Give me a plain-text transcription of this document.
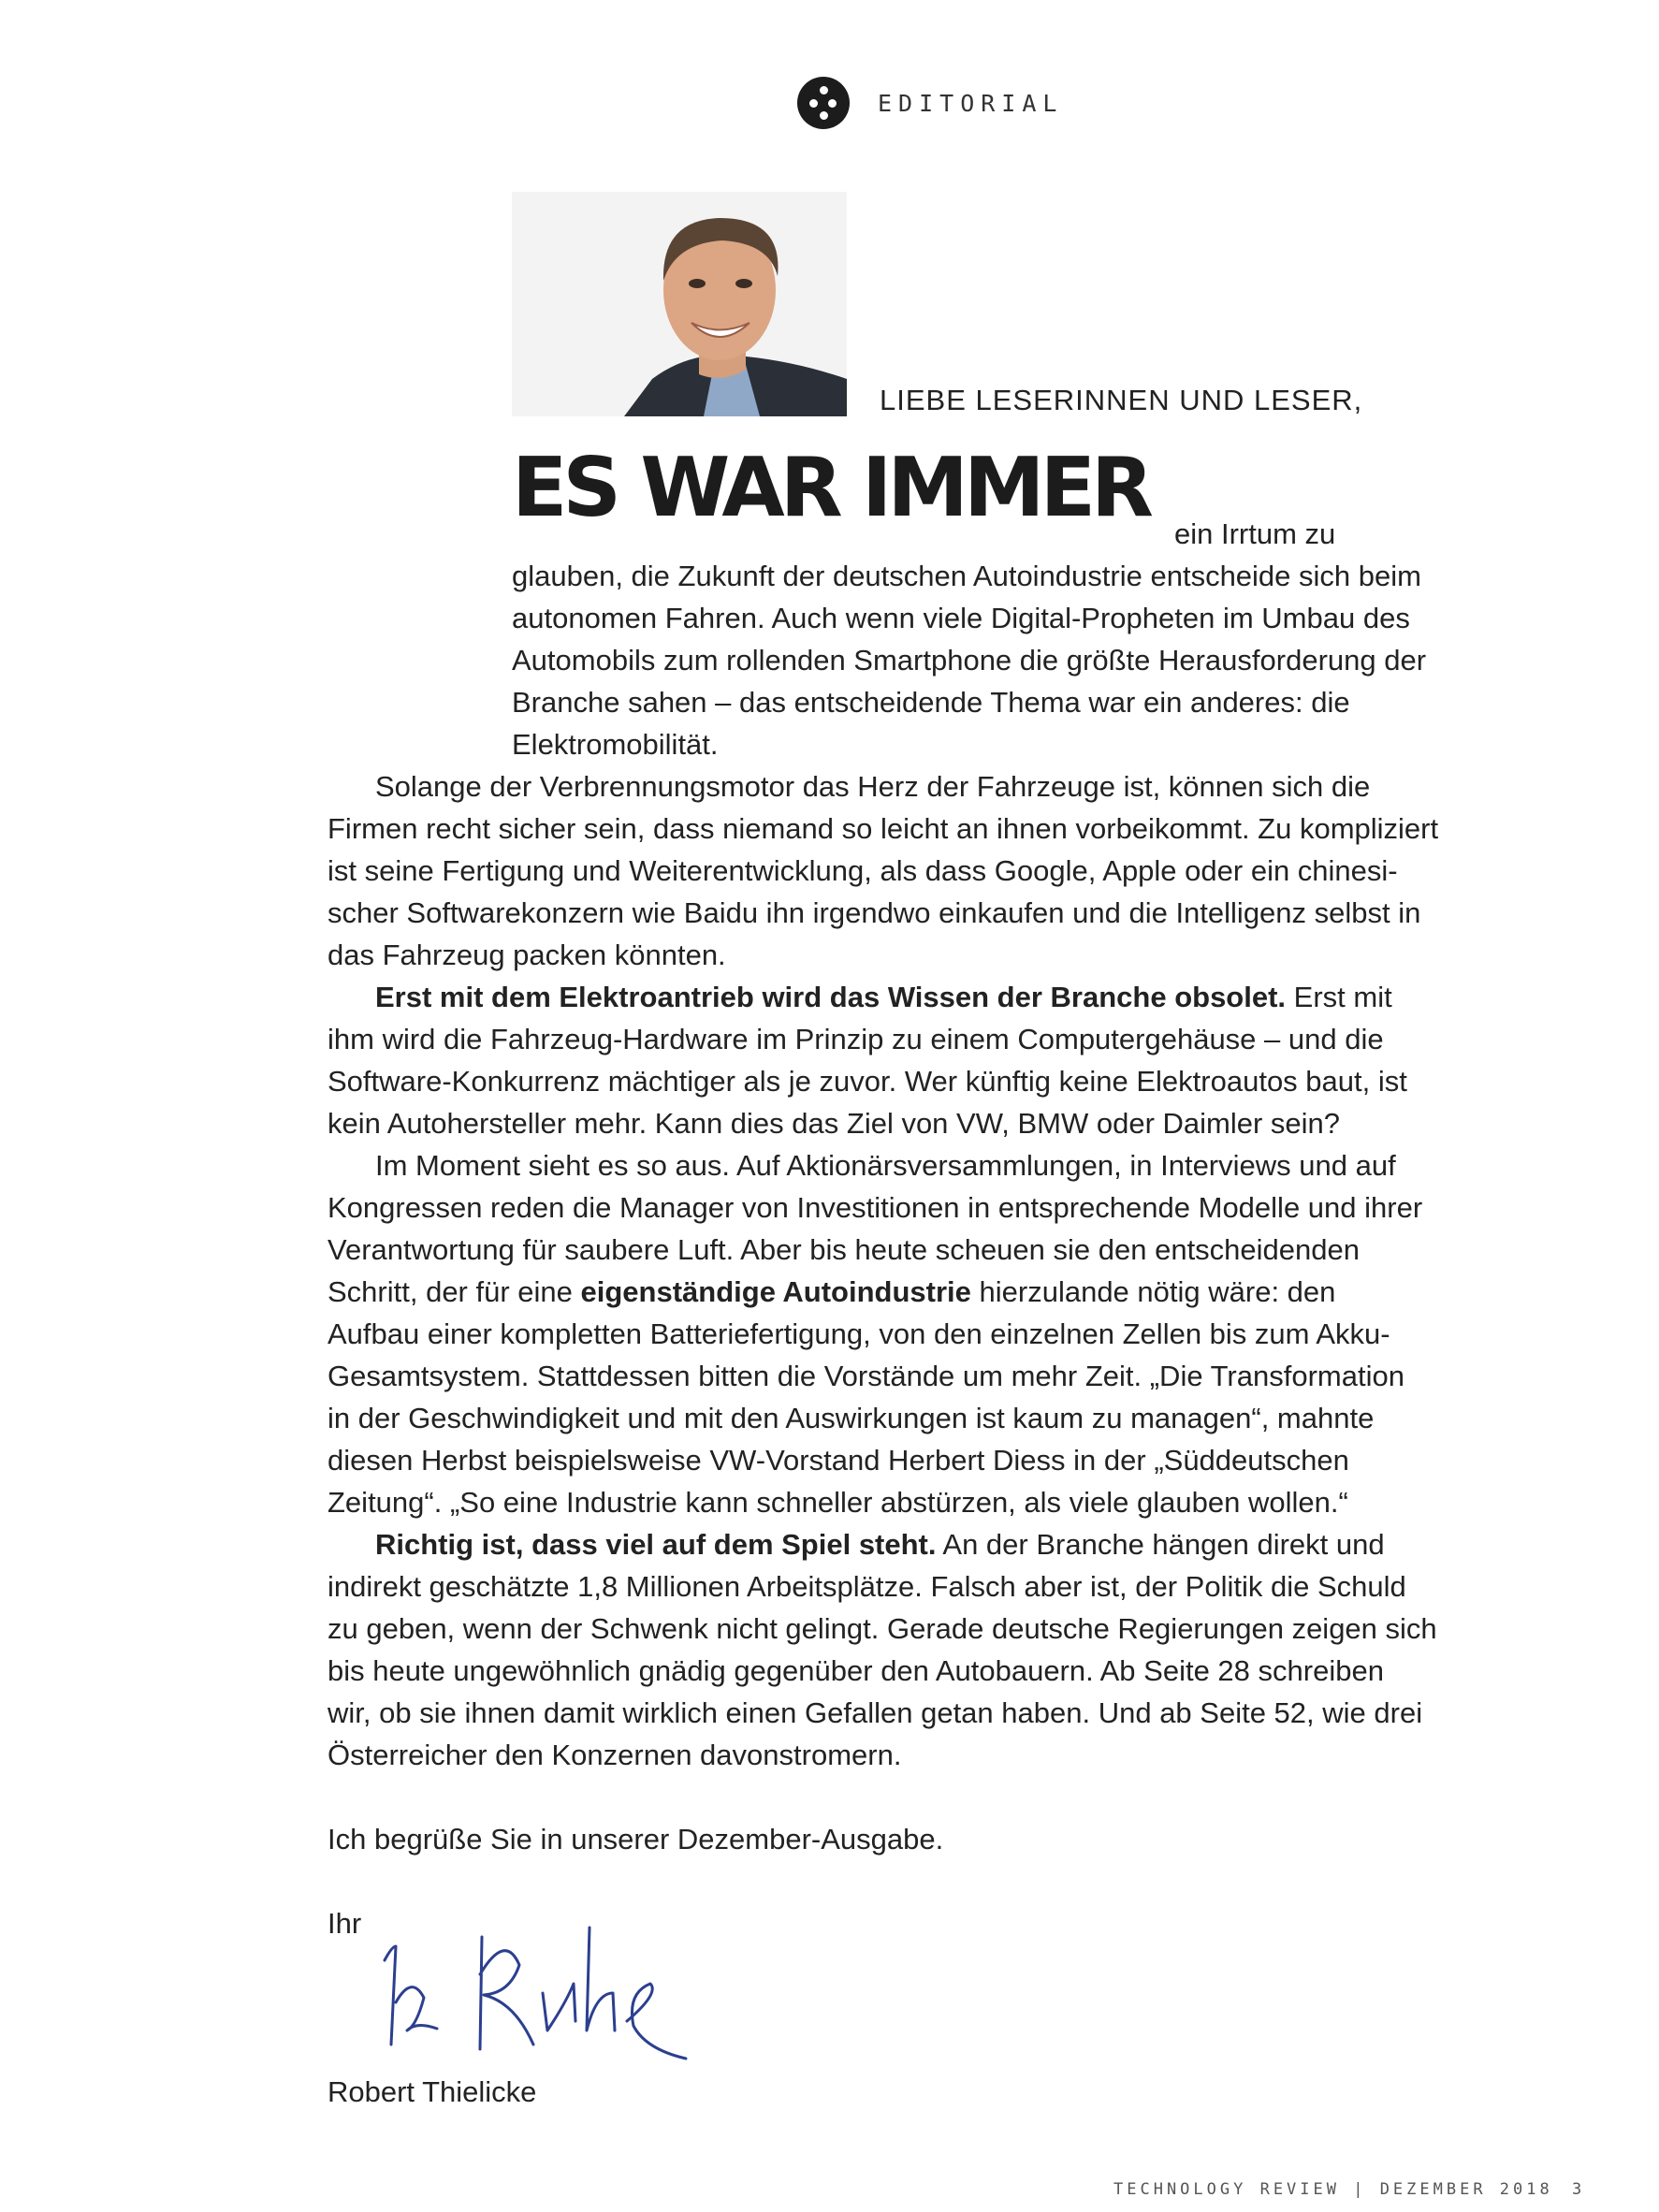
EDITORIAL
LIEBE LESERINNEN UND LESER,
ES WAR IMMER ein Irrtum zu
glauben, die Zukunft der deutschen Autoindustrie entscheide sich beim
autonomen Fahren. Auch wenn viele Digital-Propheten im Umbau des
Automobils zum rollenden Smartphone die größte Herausforderung der
Branche sahen – das entscheidende Thema war ein anderes: die
Elektromobilität.
Solange der Verbrennungsmotor das Herz der Fahrzeuge ist, können sich die
Firmen recht sicher sein, dass niemand so leicht an ihnen vorbeikommt. Zu kompliziert
ist seine Fertigung und Weiterentwicklung, als dass Google, Apple oder ein chinesi-
scher Softwarekonzern wie Baidu ihn irgendwo einkaufen und die Intelligenz selbst in
das Fahrzeug packen könnten.
Erst mit dem Elektroantrieb wird das Wissen der Branche obsolet. Erst mit
ihm wird die Fahrzeug-Hardware im Prinzip zu einem Computergehäuse – und die
Software-Konkurrenz mächtiger als je zuvor. Wer künftig keine Elektroautos baut, ist
kein Autohersteller mehr. Kann dies das Ziel von VW, BMW oder Daimler sein?
Im Moment sieht es so aus. Auf Aktionärsversammlungen, in Interviews und auf
Kongressen reden die Manager von Investitionen in entsprechende Modelle und ihrer
Verantwortung für saubere Luft. Aber bis heute scheuen sie den entscheidenden
Schritt, der für eine eigenständige Autoindustrie hierzulande nötig wäre: den
Aufbau einer kompletten Batteriefertigung, von den einzelnen Zellen bis zum Akku-
Gesamtsystem. Stattdessen bitten die Vorstände um mehr Zeit. „Die Transformation
in der Geschwindigkeit und mit den Auswirkungen ist kaum zu managen“, mahnte
diesen Herbst beispielsweise VW-Vorstand Herbert Diess in der „Süddeutschen
Zeitung“. „So eine Industrie kann schneller abstürzen, als viele glauben wollen.“
Richtig ist, dass viel auf dem Spiel steht. An der Branche hängen direkt und
indirekt geschätzte 1,8 Millionen Arbeitsplätze. Falsch aber ist, der Politik die Schuld
zu geben, wenn der Schwenk nicht gelingt. Gerade deutsche Regierungen zeigen sich
bis heute ungewöhnlich gnädig gegenüber den Autobauern. Ab Seite 28 schreiben
wir, ob sie ihnen damit wirklich einen Gefallen getan haben. Und ab Seite 52, wie drei
Österreicher den Konzernen davonstromern.
Ich begrüße Sie in unserer Dezember-Ausgabe.
Ihr
Robert Thielicke
TECHNOLOGY REVIEW | DEZEMBER 2018 3
